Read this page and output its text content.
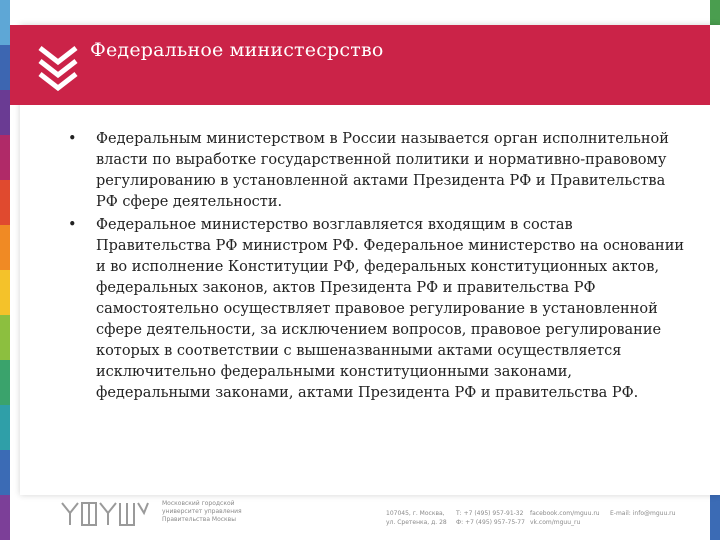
Федеральное министесрство
• Федеральным министерством в России называется орган исполнительной власти по выработке государственной политики и нормативно-правовому регулированию в установленной актами Президента РФ и Правительства РФ сфере деятельности.
• Федеральное министерство возглавляется входящим в состав Правительства РФ министром РФ. Федеральное министерство на основании и во исполнение Конституции РФ, федеральных конституционных актов, федеральных законов, актов Президента РФ и правительства РФ самостоятельно осуществляет правовое регулирование в установленной сфере деятельности, за исключением вопросов, правовое регулирование которых в соответствии с вышеназванными актами осуществляется исключительно федеральными конституционными законами, федеральными законами, актами Президента РФ и правительства РФ.
Московский городской
университет управления
Правительства Москвы
107045, г. Москва,
ул. Сретенка, д. 28
Т: +7 (495) 957-91-32
Ф: +7 (495) 957-75-77
facebook.com/mguu.ru
vk.com/mguu_ru
E-mail: info@mguu.ru
